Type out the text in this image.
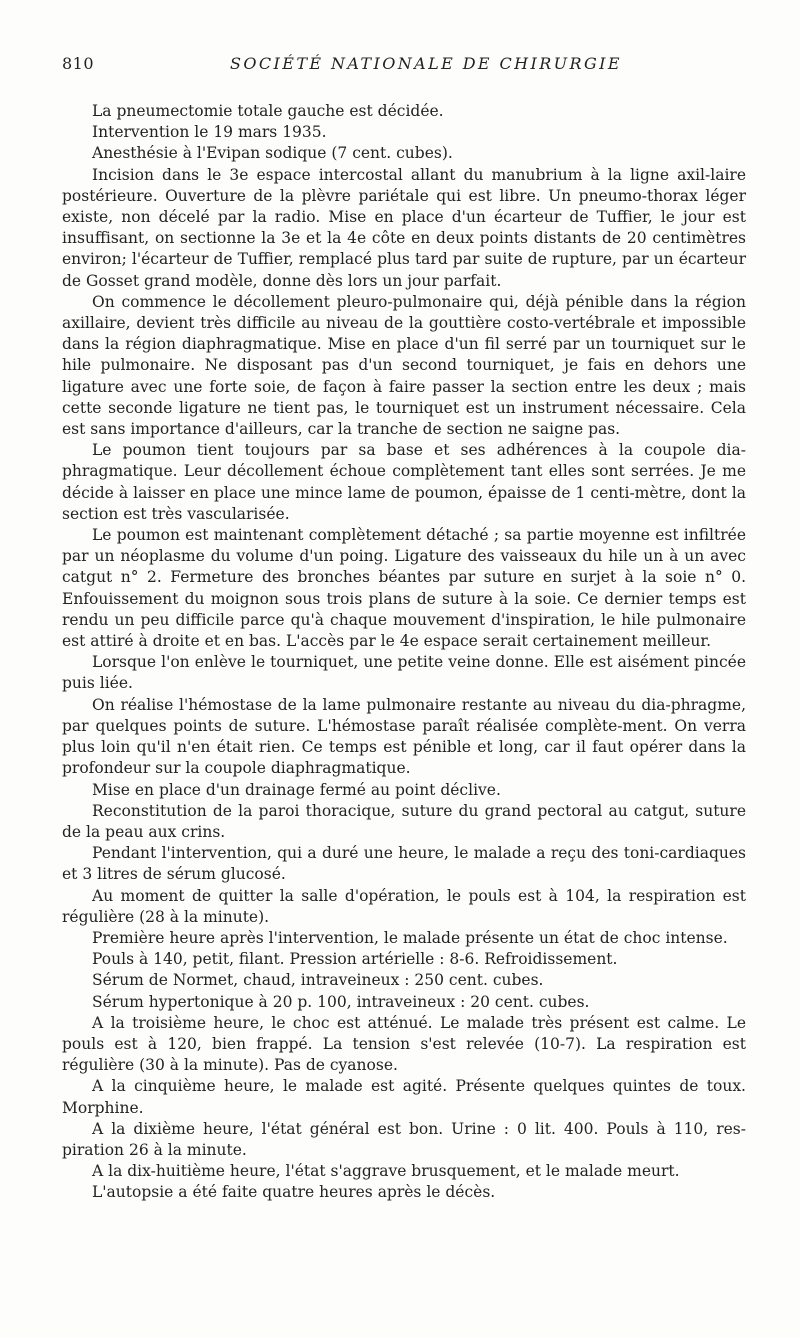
810	SOCIÉTÉ NATIONALE DE CHIRURGIE

La pneumectomie totale gauche est décidée.

Intervention le 19 mars 1935.

Anesthésie à l'Evipan sodique (7 cent. cubes).

Incision dans le 3e espace intercostal allant du manubrium à la ligne axil-laire postérieure. Ouverture de la plèvre pariétale qui est libre. Un pneumo-thorax léger existe, non décelé par la radio. Mise en place d'un écarteur de Tuffier, le jour est insuffisant, on sectionne la 3e et la 4e côte en deux points distants de 20 centimètres environ; l'écarteur de Tuffier, remplacé plus tard par suite de rupture, par un écarteur de Gosset grand modèle, donne dès lors un jour parfait.

On commence le décollement pleuro-pulmonaire qui, déjà pénible dans la région axillaire, devient très difficile au niveau de la gouttière costo-vertébrale et impossible dans la région diaphragmatique. Mise en place d'un fil serré par un tourniquet sur le hile pulmonaire. Ne disposant pas d'un second tourniquet, je fais en dehors une ligature avec une forte soie, de façon à faire passer la section entre les deux ; mais cette seconde ligature ne tient pas, le tourniquet est un instrument nécessaire. Cela est sans importance d'ailleurs, car la tranche de section ne saigne pas.

Le poumon tient toujours par sa base et ses adhérences à la coupole dia-phragmatique. Leur décollement échoue complètement tant elles sont serrées. Je me décide à laisser en place une mince lame de poumon, épaisse de 1 centi-mètre, dont la section est très vascularisée.

Le poumon est maintenant complètement détaché ; sa partie moyenne est infiltrée par un néoplasme du volume d'un poing. Ligature des vaisseaux du hile un à un avec catgut n° 2. Fermeture des bronches béantes par suture en surjet à la soie n° 0. Enfouissement du moignon sous trois plans de suture à la soie. Ce dernier temps est rendu un peu difficile parce qu'à chaque mouvement d'inspiration, le hile pulmonaire est attiré à droite et en bas. L'accès par le 4e espace serait certainement meilleur.

Lorsque l'on enlève le tourniquet, une petite veine donne. Elle est aisément pincée puis liée.

On réalise l'hémostase de la lame pulmonaire restante au niveau du dia-phragme, par quelques points de suture. L'hémostase paraît réalisée complète-ment. On verra plus loin qu'il n'en était rien. Ce temps est pénible et long, car il faut opérer dans la profondeur sur la coupole diaphragmatique.

Mise en place d'un drainage fermé au point déclive.

Reconstitution de la paroi thoracique, suture du grand pectoral au catgut, suture de la peau aux crins.

Pendant l'intervention, qui a duré une heure, le malade a reçu des toni-cardiaques et 3 litres de sérum glucosé.

Au moment de quitter la salle d'opération, le pouls est à 104, la respiration est régulière (28 à la minute).

Première heure après l'intervention, le malade présente un état de choc intense.

Pouls à 140, petit, filant. Pression artérielle : 8-6. Refroidissement.

Sérum de Normet, chaud, intraveineux : 250 cent. cubes.

Sérum hypertonique à 20 p. 100, intraveineux : 20 cent. cubes.

A la troisième heure, le choc est atténué. Le malade très présent est calme. Le pouls est à 120, bien frappé. La tension s'est relevée (10-7). La respiration est régulière (30 à la minute). Pas de cyanose.

A la cinquième heure, le malade est agité. Présente quelques quintes de toux. Morphine.

A la dixième heure, l'état général est bon. Urine : 0 lit. 400. Pouls à 110, res-piration 26 à la minute.

A la dix-huitième heure, l'état s'aggrave brusquement, et le malade meurt.

L'autopsie a été faite quatre heures après le décès.
